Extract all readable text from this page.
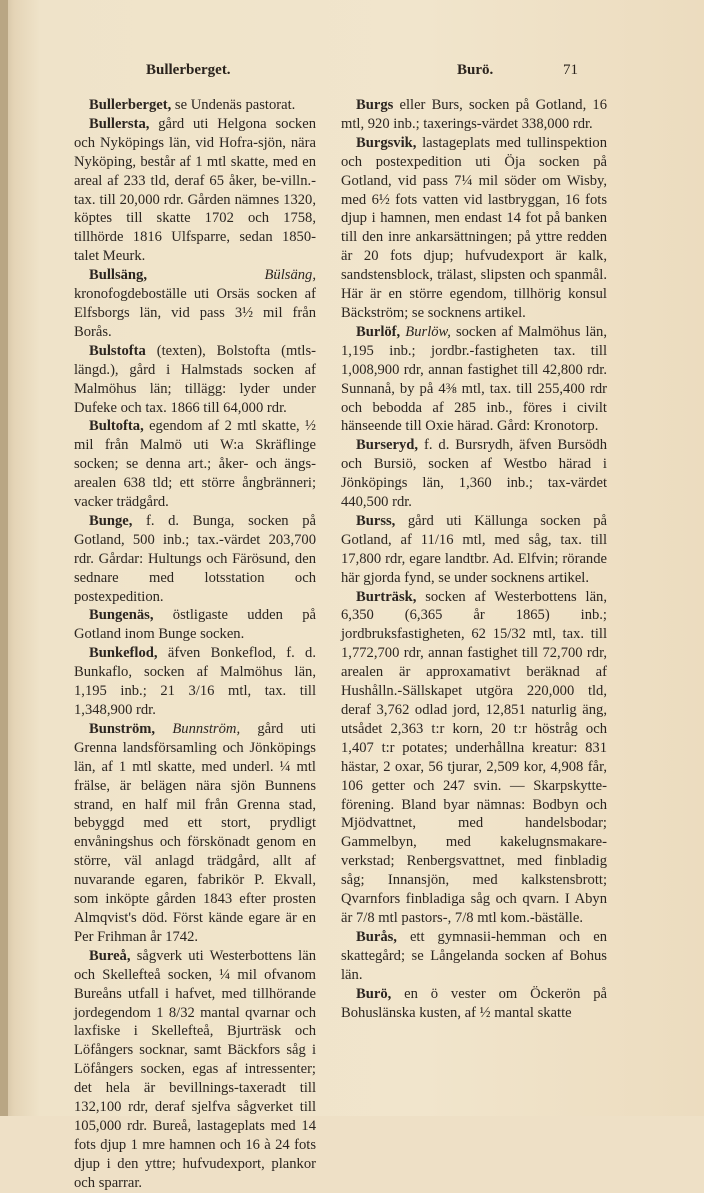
Bullerberget.	Burö.	71

Bullerberget, se Undenäs pastorat.

Bullersta, gård uti Helgona socken och Nyköpings län, vid Hofra-sjön, nära Nyköping, består af 1 mtl skatte, med en areal af 233 tld, deraf 65 åker, be-villn.-tax. till 20,000 rdr. Gården nämnes 1320, köptes till skatte 1702 och 1758, tillhörde 1816 Ulfsparre, sedan 1850-talet Meurk.

Bullsäng,	Bülsäng, kronofogdeboställe uti Orsäs socken af Elfsborgs län, vid pass 3½ mil från Borås.

Bulstofta (texten), Bolstofta (mtls-längd.), gård i Halmstads socken af Malmöhus län; tillägg: lyder under Dufeke och tax. 1866 till 64,000 rdr.

Bultofta, egendom af 2 mtl skatte, ½ mil från Malmö uti W:a Skräflinge socken; se denna art.; åker- och ängs-arealen 638 tld; ett större ångbränneri; vacker trädgård.

Bunge, f. d. Bunga, socken på Gotland, 500 inb.; tax.-värdet 203,700 rdr. Gårdar: Hultungs och Färösund, den sednare med lotsstation och postexpedition.

Bungenäs, östligaste udden på Gotland inom Bunge socken.

Bunkeflod, äfven Bonkeflod, f. d. Bunkaflo, socken af Malmöhus län, 1,195 inb.; 21 3/16 mtl, tax. till 1,348,900 rdr.

Bunström, Bunnström, gård uti Grenna landsförsamling och Jönköpings län, af 1 mtl skatte, med underl. ¼ mtl frälse, är belägen nära sjön Bunnens strand, en half mil från Grenna stad, bebyggd med ett stort, prydligt envåningshus och förskönadt genom en större, väl anlagd trädgård, allt af nuvarande egaren, fabrikör P. Ekvall, som inköpte gården 1843 efter prosten Almqvist's död. Först kände egare är en Per Frihman år 1742.

Bureå, sågverk uti Westerbottens län och Skellefteå socken, ¼ mil ofvanom Bureåns utfall i hafvet, med tillhörande jordegendom 1 8/32 mantal qvarnar och laxfiske i Skellefteå, Bjurträsk och Löfångers socknar, samt Bäckfors såg i Löfångers socken, egas af intressenter; det hela är bevillnings-taxeradt till 132,100 rdr, deraf sjelfva sågverket till 105,000 rdr. Bureå, lastageplats med 14 fots djup 1 mre hamnen och 16 à 24 fots djup i den yttre; hufvudexport, plankor och sparrar.

Burgs eller Burs, socken på Gotland, 16 mtl, 920 inb.; taxerings-värdet 338,000 rdr.

Burgsvik, lastageplats med tullinspektion och postexpedition uti Öja socken på Gotland, vid pass 7¼ mil söder om Wisby, med 6½ fots vatten vid lastbryggan, 16 fots djup i hamnen, men endast 14 fot på banken till den inre ankarsättningen; på yttre redden är 20 fots djup; hufvudexport är kalk, sandstensblock, trälast, slipsten och spanmål. Här är en större egendom, tillhörig konsul Bäckström; se socknens artikel.

Burlöf, Burlöw, socken af Malmöhus län, 1,195 inb.; jordbr.-fastigheten tax. till 1,008,900 rdr, annan fastighet till 42,800 rdr. Sunnanå, by på 4⅜ mtl, tax. till 255,400 rdr och bebodda af 285 inb., föres i civilt hänseende till Oxie härad. Gård: Kronotorp.

Burseryd, f. d. Bursrydh, äfven Bursödh och Bursiö, socken af Westbo härad i Jönköpings län, 1,360 inb.; tax-värdet 440,500 rdr.

Burss, gård uti Källunga socken på Gotland, af 11/16 mtl, med såg, tax. till 17,800 rdr, egare landtbr. Ad. Elfvin; rörande här gjorda fynd, se under socknens artikel.

Burträsk, socken af Westerbottens län, 6,350 (6,365 år 1865) inb.; jordbruksfastigheten, 62 15/32 mtl, tax. till 1,772,700 rdr, annan fastighet till 72,700 rdr, arealen är approxamativt beräknad af Hushålln.-Sällskapet utgöra 220,000 tld, deraf 3,762 odlad jord, 12,851 naturlig äng, utsådet 2,363 t:r korn, 20 t:r höstråg och 1,407 t:r potates; underhållna kreatur: 831 hästar, 2 oxar, 56 tjurar, 2,509 kor, 4,908 får, 106 getter och 247 svin. — Skarpskytte-förening. Bland byar nämnas: Bodbyn och Mjödvattnet, med handelsbodar; Gammelbyn, med kakelugnsmakare-verkstad; Renbergsvattnet, med finbladig såg; Innansjön, med kalkstensbrott; Qvarnfors finbladiga såg och qvarn. I Abyn är 7/8 mtl pastors-, 7/8 mtl kom.-bäställe.

Burås, ett gymnasii-hemman och en skattegård; se Långelanda socken af Bohus län.

Burö, en ö vester om Öckerön på Bohuslänska kusten, af ½ mantal skatte
